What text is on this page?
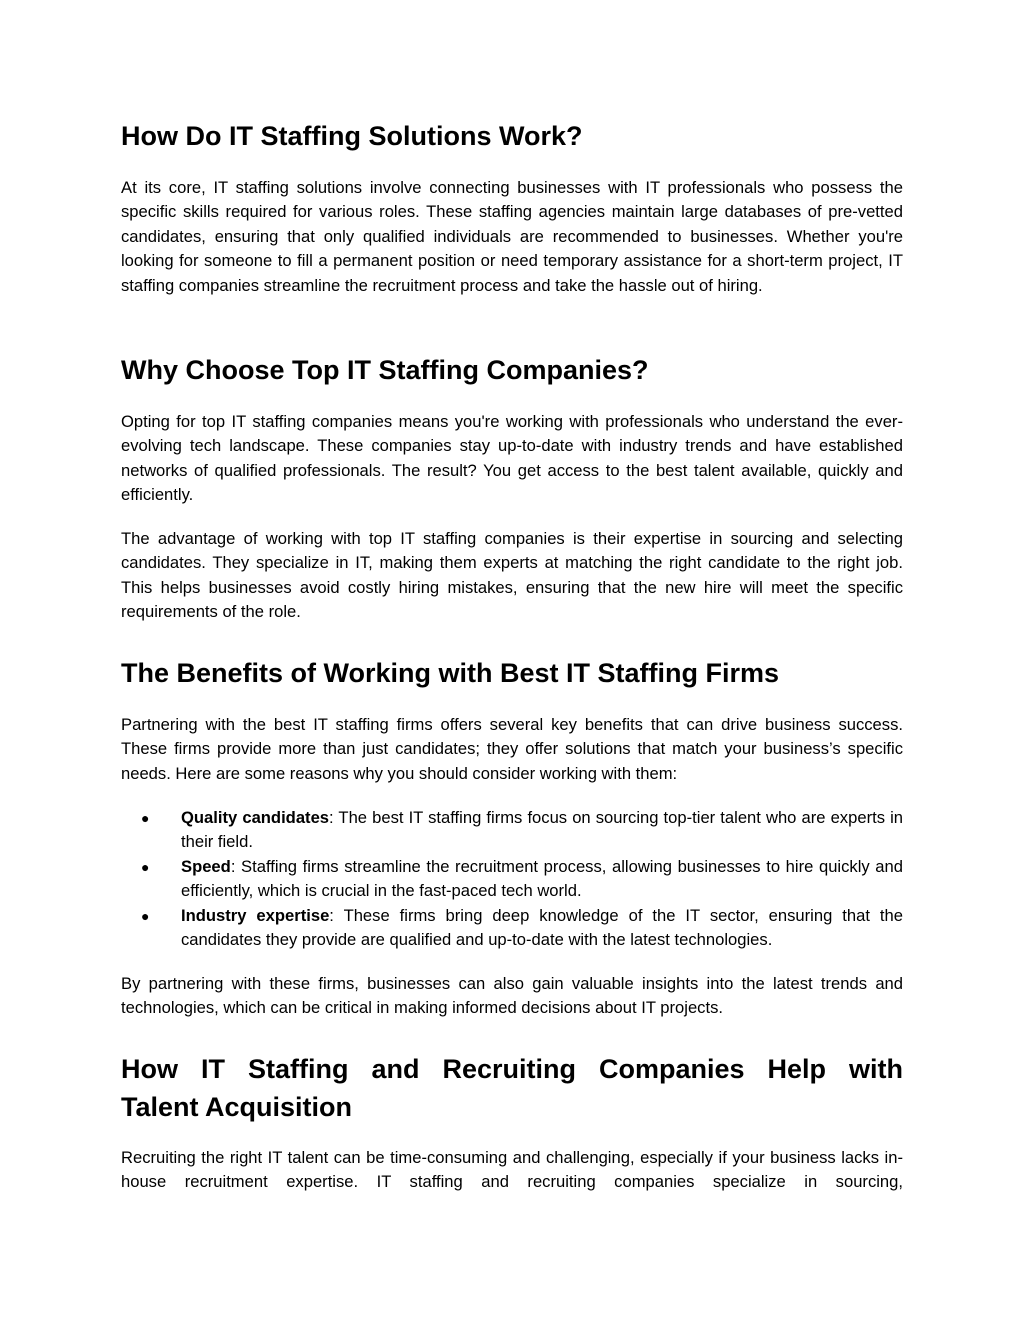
How Do IT Staffing Solutions Work?

At its core, IT staffing solutions involve connecting businesses with IT professionals who possess the specific skills required for various roles. These staffing agencies maintain large databases of pre-vetted candidates, ensuring that only qualified individuals are recommended to businesses. Whether you're looking for someone to fill a permanent position or need temporary assistance for a short-term project, IT staffing companies streamline the recruitment process and take the hassle out of hiring.

Why Choose Top IT Staffing Companies?

Opting for top IT staffing companies means you're working with professionals who understand the ever-evolving tech landscape. These companies stay up-to-date with industry trends and have established networks of qualified professionals. The result? You get access to the best talent available, quickly and efficiently.

The advantage of working with top IT staffing companies is their expertise in sourcing and selecting candidates. They specialize in IT, making them experts at matching the right candidate to the right job. This helps businesses avoid costly hiring mistakes, ensuring that the new hire will meet the specific requirements of the role.

The Benefits of Working with Best IT Staffing Firms

Partnering with the best IT staffing firms offers several key benefits that can drive business success. These firms provide more than just candidates; they offer solutions that match your business’s specific needs. Here are some reasons why you should consider working with them:

● Quality candidates: The best IT staffing firms focus on sourcing top-tier talent who are experts in their field.
● Speed: Staffing firms streamline the recruitment process, allowing businesses to hire quickly and efficiently, which is crucial in the fast-paced tech world.
● Industry expertise: These firms bring deep knowledge of the IT sector, ensuring that the candidates they provide are qualified and up-to-date with the latest technologies.

By partnering with these firms, businesses can also gain valuable insights into the latest trends and technologies, which can be critical in making informed decisions about IT projects.

How IT Staffing and Recruiting Companies Help with
Talent Acquisition

Recruiting the right IT talent can be time-consuming and challenging, especially if your business lacks in-house recruitment expertise. IT staffing and recruiting companies specialize in sourcing,
